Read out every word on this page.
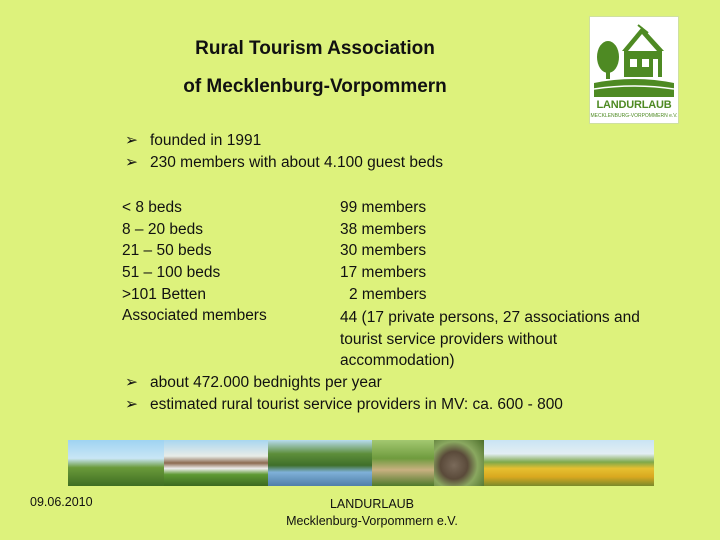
Rural Tourism Association
of Mecklenburg-Vorpommern
LANDURLAUB
MECKLENBURG-VORPOMMERN e.V.
➢ founded in 1991
➢ 230 members with about 4.100 guest beds
< 8 beds	99 members
8 – 20 beds	38 members
21 – 50 beds	30 members
51 – 100 beds	17 members
>101 Betten	2 members
Associated members	44 (17 private persons, 27 associations and tourist service providers without accommodation)
➢ about 472.000 bednights per year
➢ estimated rural tourist service providers in MV: ca. 600 - 800
09.06.2010	LANDURLAUB
Mecklenburg-Vorpommern e.V.
